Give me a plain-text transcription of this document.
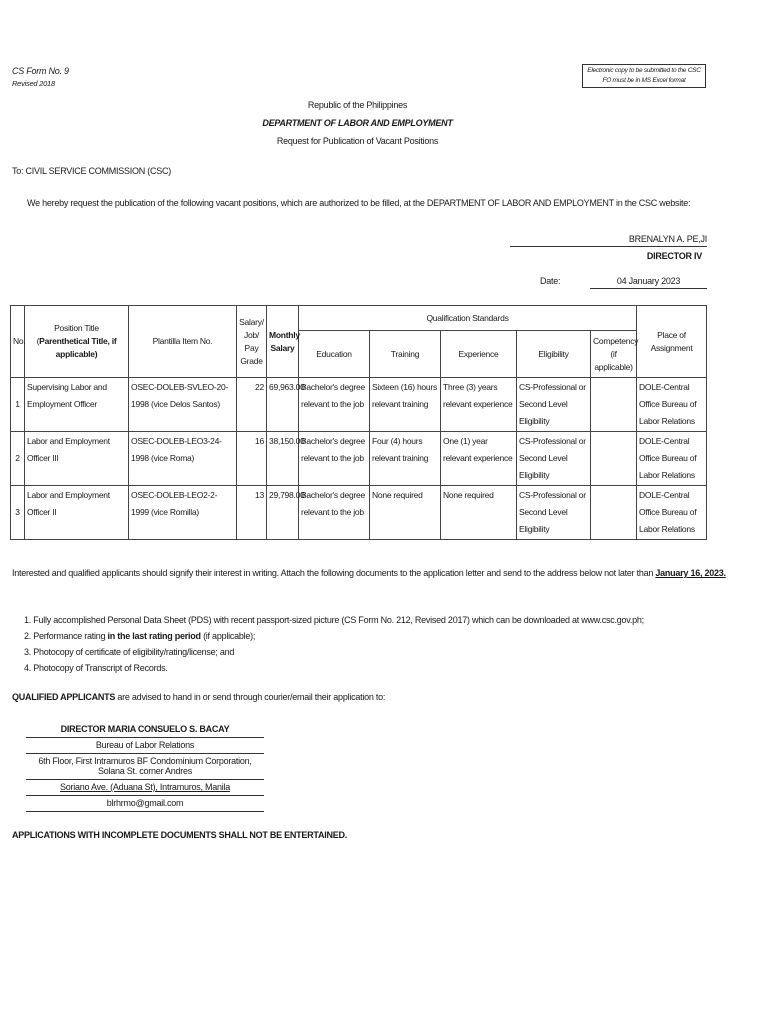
CS Form No. 9
Revised 2018
Electronic copy to be submitted to the CSC FO must be in MS Excel format
Republic of the Philippines
DEPARTMENT OF LABOR AND EMPLOYMENT
Request for Publication of Vacant Positions
To: CIVIL SERVICE COMMISSION (CSC)
We hereby request the publication of the following vacant positions, which are authorized to be filled, at the DEPARTMENT OF LABOR AND EMPLOYMENT in the CSC website:
BRENALYN A. PE,JI
DIRECTOR IV
Date:	04 January 2023
No.	Position Title (Parenthetical Title, if applicable)	Plantilla Item No.	Salary/ Job/ Pay Grade	Monthly Salary	Qualification Standards					Place of Assignment
					Education	Training	Experience	Eligibility	Competency (if applicable)	
1	Supervising Labor and Employment Officer	OSEC-DOLEB-SVLEO-20-1998 (vice Delos Santos)	22	69,963.00	Bachelor's degree relevant to the job	Sixteen (16) hours relevant training	Three (3) years relevant experience	CS-Professional or Second Level Eligibility		DOLE-Central Office Bureau of Labor Relations
2	Labor and Employment Officer III	OSEC-DOLEB-LEO3-24-1998 (vice Roma)	16	38,150.00	Bachelor's degree relevant to the job	Four (4) hours relevant training	One (1) year relevant experience	CS-Professional or Second Level Eligibility		DOLE-Central Office Bureau of Labor Relations
3	Labor and Employment Officer II	OSEC-DOLEB-LEO2-2-1999 (vice Romilla)	13	29,798.00	Bachelor's degree relevant to the job	None required	None required	CS-Professional or Second Level Eligibility		DOLE-Central Office Bureau of Labor Relations
Interested and qualified applicants should signify their interest in writing. Attach the following documents to the application letter and send to the address below not later than January 16, 2023.
1. Fully accomplished Personal Data Sheet (PDS) with recent passport-sized picture (CS Form No. 212, Revised 2017) which can be downloaded at www.csc.gov.ph;
2. Performance rating in the last rating period (if applicable);
3. Photocopy of certificate of eligibility/rating/license; and
4. Photocopy of Transcript of Records.
QUALIFIED APPLICANTS are advised to hand in or send through courier/email their application to:
DIRECTOR MARIA CONSUELO S. BACAY
Bureau of Labor Relations
6th Floor, First Intramuros BF Condominium Corporation, Solana St. corner Andres
Soriano Ave. (Aduana St), Intramuros, Manila
blrhrmo@gmail.com
APPLICATIONS WITH INCOMPLETE DOCUMENTS SHALL NOT BE ENTERTAINED.
